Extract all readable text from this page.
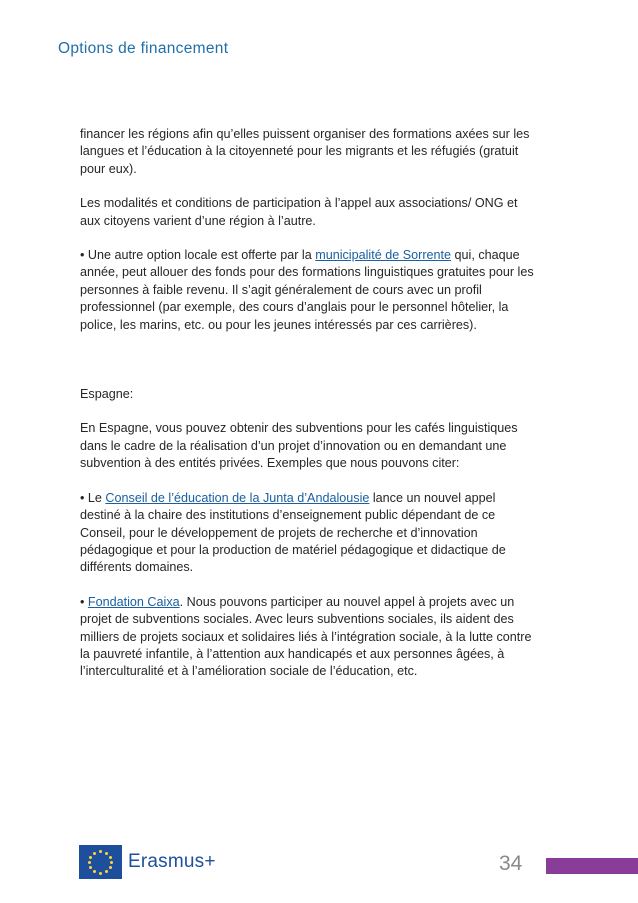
Options de financement

financer les régions afin qu’elles puissent organiser des formations axées sur les langues et l’éducation à la citoyenneté pour les migrants et les réfugiés (gratuit pour eux).

Les modalités et conditions de participation à l’appel aux associations/ ONG et aux citoyens varient d’une région à l’autre.

• Une autre option locale est offerte par la municipalité de Sorrente qui, chaque année, peut allouer des fonds pour des formations linguistiques gratuites pour les personnes à faible revenu. Il s’agit généralement de cours avec un profil professionnel (par exemple, des cours d’anglais pour le personnel hôtelier, la police, les marins, etc. ou pour les jeunes intéressés par ces carrières).

Espagne:

En Espagne, vous pouvez obtenir des subventions pour les cafés linguistiques dans le cadre de la réalisation d’un projet d’innovation ou en demandant une subvention à des entités privées. Exemples que nous pouvons citer:

• Le Conseil de l’éducation de la Junta d’Andalousie lance un nouvel appel destiné à la chaire des institutions d’enseignement public dépendant de ce Conseil, pour le développement de projets de recherche et d’innovation pédagogique et pour la production de matériel pédagogique et didactique de différents domaines.

• Fondation Caixa. Nous pouvons participer au nouvel appel à projets avec un projet de subventions sociales. Avec leurs subventions sociales, ils aident des milliers de projets sociaux et solidaires liés à l’intégration sociale, à la lutte contre la pauvreté infantile, à l’attention aux handicapés et aux personnes âgées, à l’interculturalité et à l’amélioration sociale de l’éducation, etc.

Erasmus+	34
